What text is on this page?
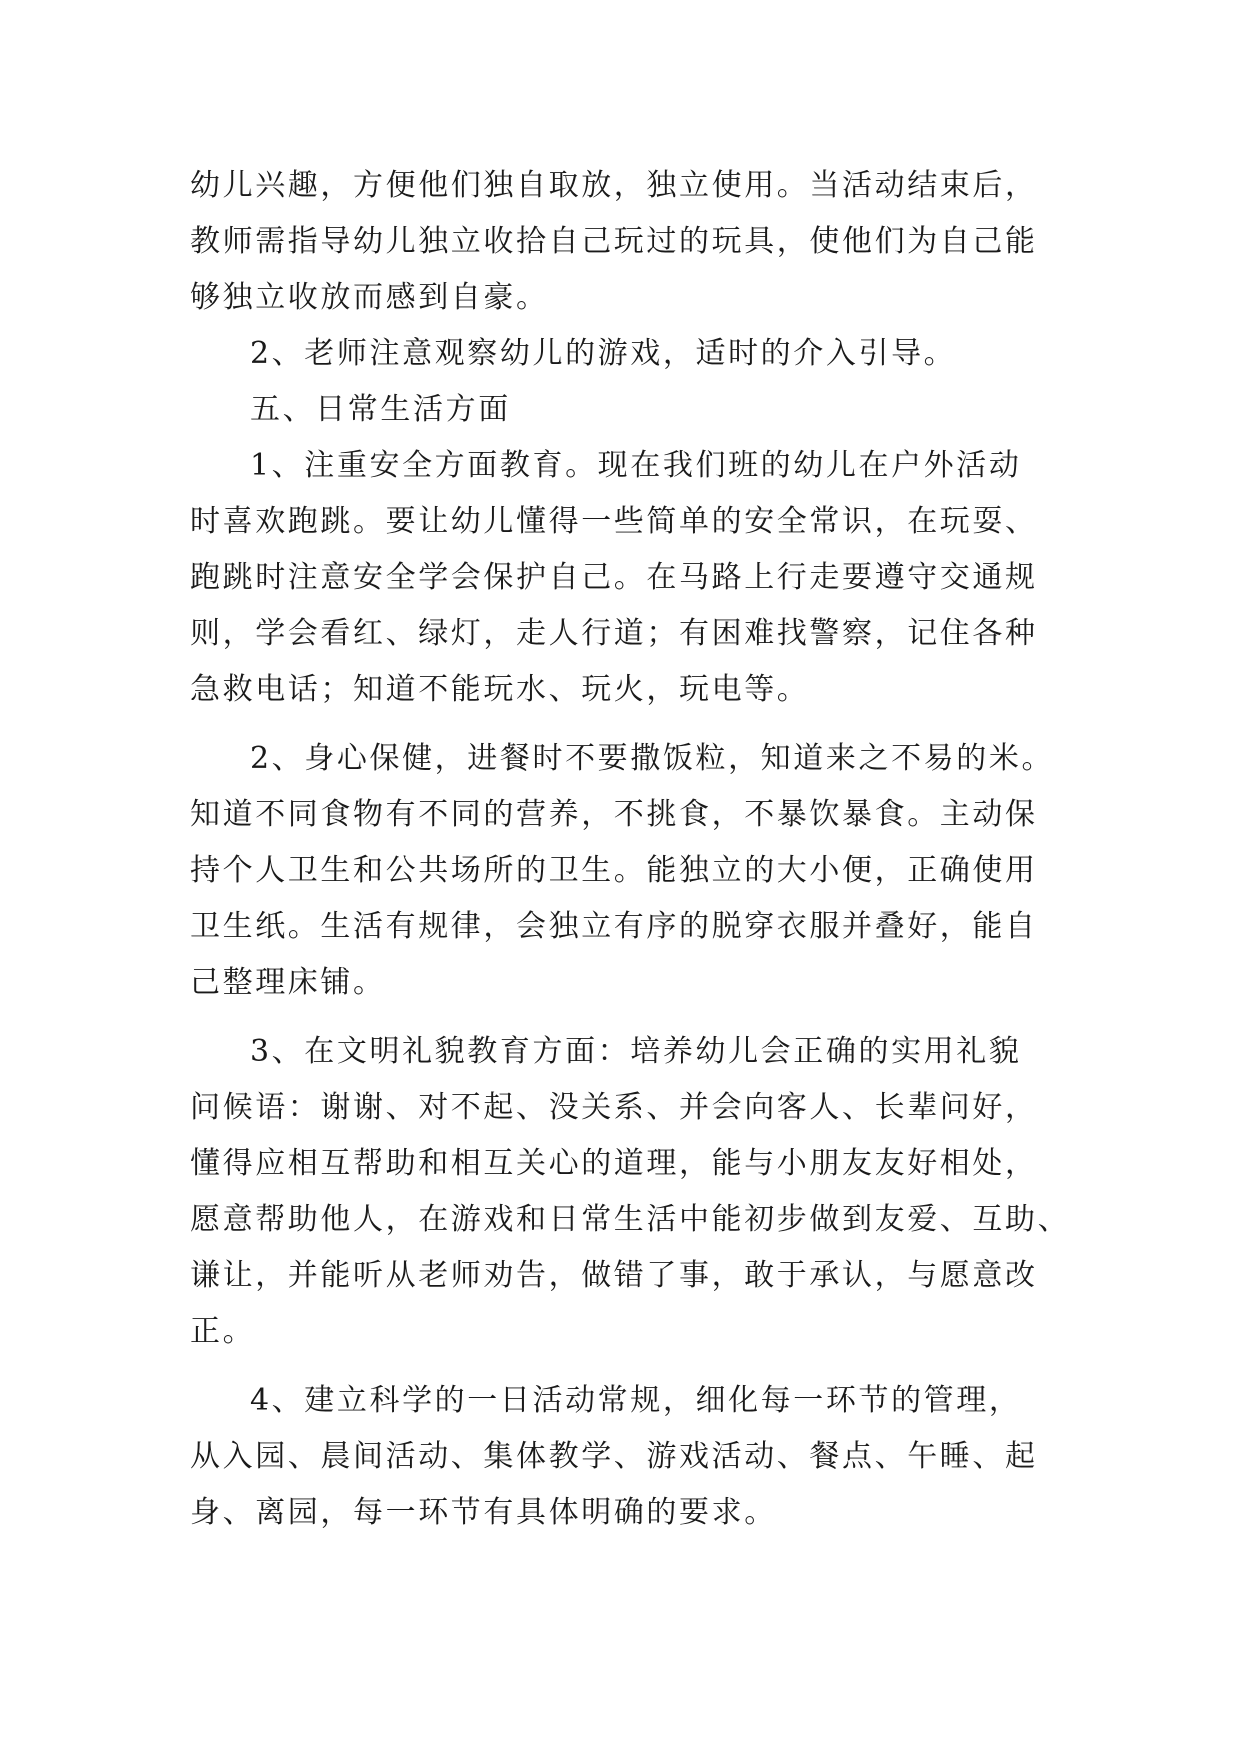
幼儿兴趣，方便他们独自取放，独立使用。当活动结束后，
教师需指导幼儿独立收拾自己玩过的玩具，使他们为自己能
够独立收放而感到自豪。
2、老师注意观察幼儿的游戏，适时的介入引导。
五、日常生活方面
1、注重安全方面教育。现在我们班的幼儿在户外活动
时喜欢跑跳。要让幼儿懂得一些简单的安全常识，在玩耍、
跑跳时注意安全学会保护自己。在马路上行走要遵守交通规
则，学会看红、绿灯，走人行道；有困难找警察，记住各种
急救电话；知道不能玩水、玩火，玩电等。
2、身心保健，进餐时不要撒饭粒，知道来之不易的米。
知道不同食物有不同的营养，不挑食，不暴饮暴食。主动保
持个人卫生和公共场所的卫生。能独立的大小便，正确使用
卫生纸。生活有规律，会独立有序的脱穿衣服并叠好，能自
己整理床铺。
3、在文明礼貌教育方面：培养幼儿会正确的实用礼貌
问候语：谢谢、对不起、没关系、并会向客人、长辈问好，
懂得应相互帮助和相互关心的道理，能与小朋友友好相处，
愿意帮助他人，在游戏和日常生活中能初步做到友爱、互助、
谦让，并能听从老师劝告，做错了事，敢于承认，与愿意改
正。
4、建立科学的一日活动常规，细化每一环节的管理，
从入园、晨间活动、集体教学、游戏活动、餐点、午睡、起
身、离园，每一环节有具体明确的要求。
